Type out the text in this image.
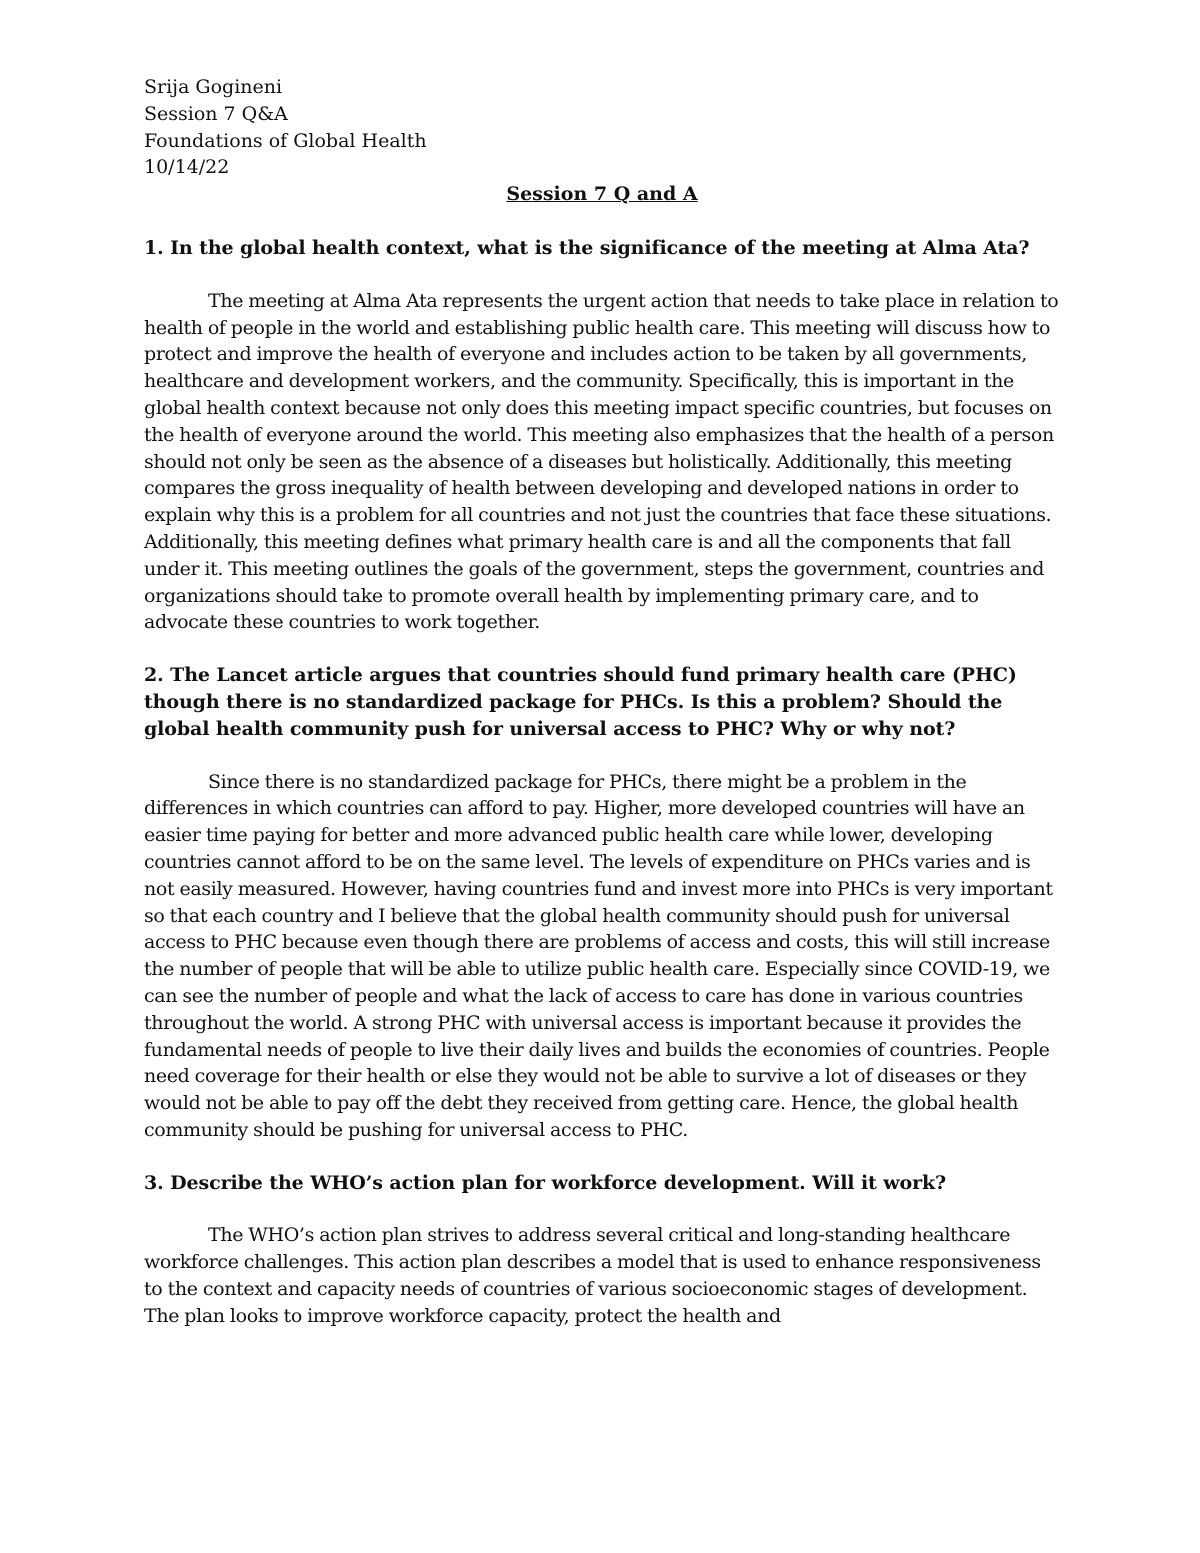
Srija Gogineni

Session 7 Q&A

Foundations of Global Health

10/14/22

Session 7 Q and A

1. In the global health context, what is the significance of the meeting at Alma Ata?

The meeting at Alma Ata represents the urgent action that needs to take place in relation to health of people in the world and establishing public health care. This meeting will discuss how to protect and improve the health of everyone and includes action to be taken by all governments, healthcare and development workers, and the community. Specifically, this is important in the global health context because not only does this meeting impact specific countries, but focuses on the health of everyone around the world. This meeting also emphasizes that the health of a person should not only be seen as the absence of a diseases but holistically. Additionally, this meeting compares the gross inequality of health between developing and developed nations in order to explain why this is a problem for all countries and not just the countries that face these situations. Additionally, this meeting defines what primary health care is and all the components that fall under it. This meeting outlines the goals of the government, steps the government, countries and organizations should take to promote overall health by implementing primary care, and to advocate these countries to work together.

2. The Lancet article argues that countries should fund primary health care (PHC) though there is no standardized package for PHCs. Is this a problem? Should the global health community push for universal access to PHC? Why or why not?

Since there is no standardized package for PHCs, there might be a problem in the differences in which countries can afford to pay. Higher, more developed countries will have an easier time paying for better and more advanced public health care while lower, developing countries cannot afford to be on the same level. The levels of expenditure on PHCs varies and is not easily measured. However, having countries fund and invest more into PHCs is very important so that each country and I believe that the global health community should push for universal access to PHC because even though there are problems of access and costs, this will still increase the number of people that will be able to utilize public health care. Especially since COVID-19, we can see the number of people and what the lack of access to care has done in various countries throughout the world. A strong PHC with universal access is important because it provides the fundamental needs of people to live their daily lives and builds the economies of countries. People need coverage for their health or else they would not be able to survive a lot of diseases or they would not be able to pay off the debt they received from getting care. Hence, the global health community should be pushing for universal access to PHC.

3. Describe the WHO’s action plan for workforce development. Will it work?

The WHO’s action plan strives to address several critical and long-standing healthcare workforce challenges. This action plan describes a model that is used to enhance responsiveness to the context and capacity needs of countries of various socioeconomic stages of development. The plan looks to improve workforce capacity, protect the health and
